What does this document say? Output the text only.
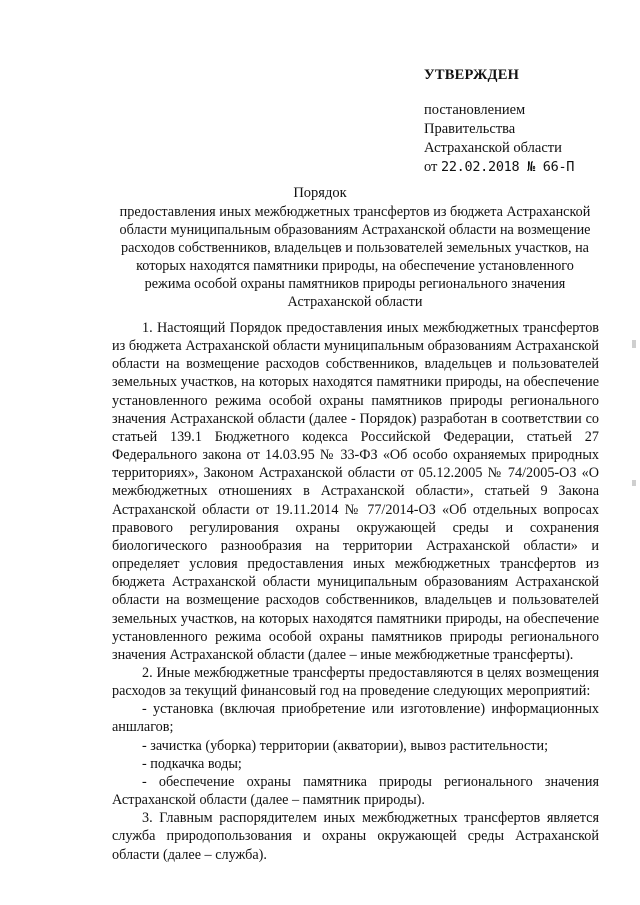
УТВЕРЖДЕН
постановлением
Правительства
Астраханской области
от 22.02.2018 № 66-П
Порядок
предоставления иных межбюджетных трансфертов из бюджета Астраханской области муниципальным образованиям Астраханской области на возмещение расходов собственников, владельцев и пользователей земельных участков, на которых находятся памятники природы, на обеспечение установленного режима особой охраны памятников природы регионального значения Астраханской области

1. Настоящий Порядок предоставления иных межбюджетных трансфертов из бюджета Астраханской области муниципальным образованиям Астраханской области на возмещение расходов собственников, владельцев и пользователей земельных участков, на которых находятся памятники природы, на обеспечение установленного режима особой охраны памятников природы регионального значения Астраханской области (далее - Порядок) разработан в соответствии со статьей 139.1 Бюджетного кодекса Российской Федерации, статьей 27 Федерального закона от 14.03.95 № 33-ФЗ «Об особо охраняемых природных территориях», Законом Астраханской области от 05.12.2005 № 74/2005-ОЗ «О межбюджетных отношениях в Астраханской области», статьей 9 Закона Астраханской области от 19.11.2014 № 77/2014-ОЗ «Об отдельных вопросах правового регулирования охраны окружающей среды и сохранения биологического разнообразия на территории Астраханской области» и определяет условия предоставления иных межбюджетных трансфертов из бюджета Астраханской области муниципальным образованиям Астраханской области на возмещение расходов собственников, владельцев и пользователей земельных участков, на которых находятся памятники природы, на обеспечение установленного режима особой охраны памятников природы регионального значения Астраханской области (далее – иные межбюджетные трансферты).

2. Иные межбюджетные трансферты предоставляются в целях возмещения расходов за текущий финансовый год на проведение следующих мероприятий:

- установка (включая приобретение или изготовление) информационных аншлагов;

- зачистка (уборка) территории (акватории), вывоз растительности;

- подкачка воды;

- обеспечение охраны памятника природы регионального значения Астраханской области (далее – памятник природы).

3. Главным распорядителем иных межбюджетных трансфертов является служба природопользования и охраны окружающей среды Астраханской области (далее – служба).
